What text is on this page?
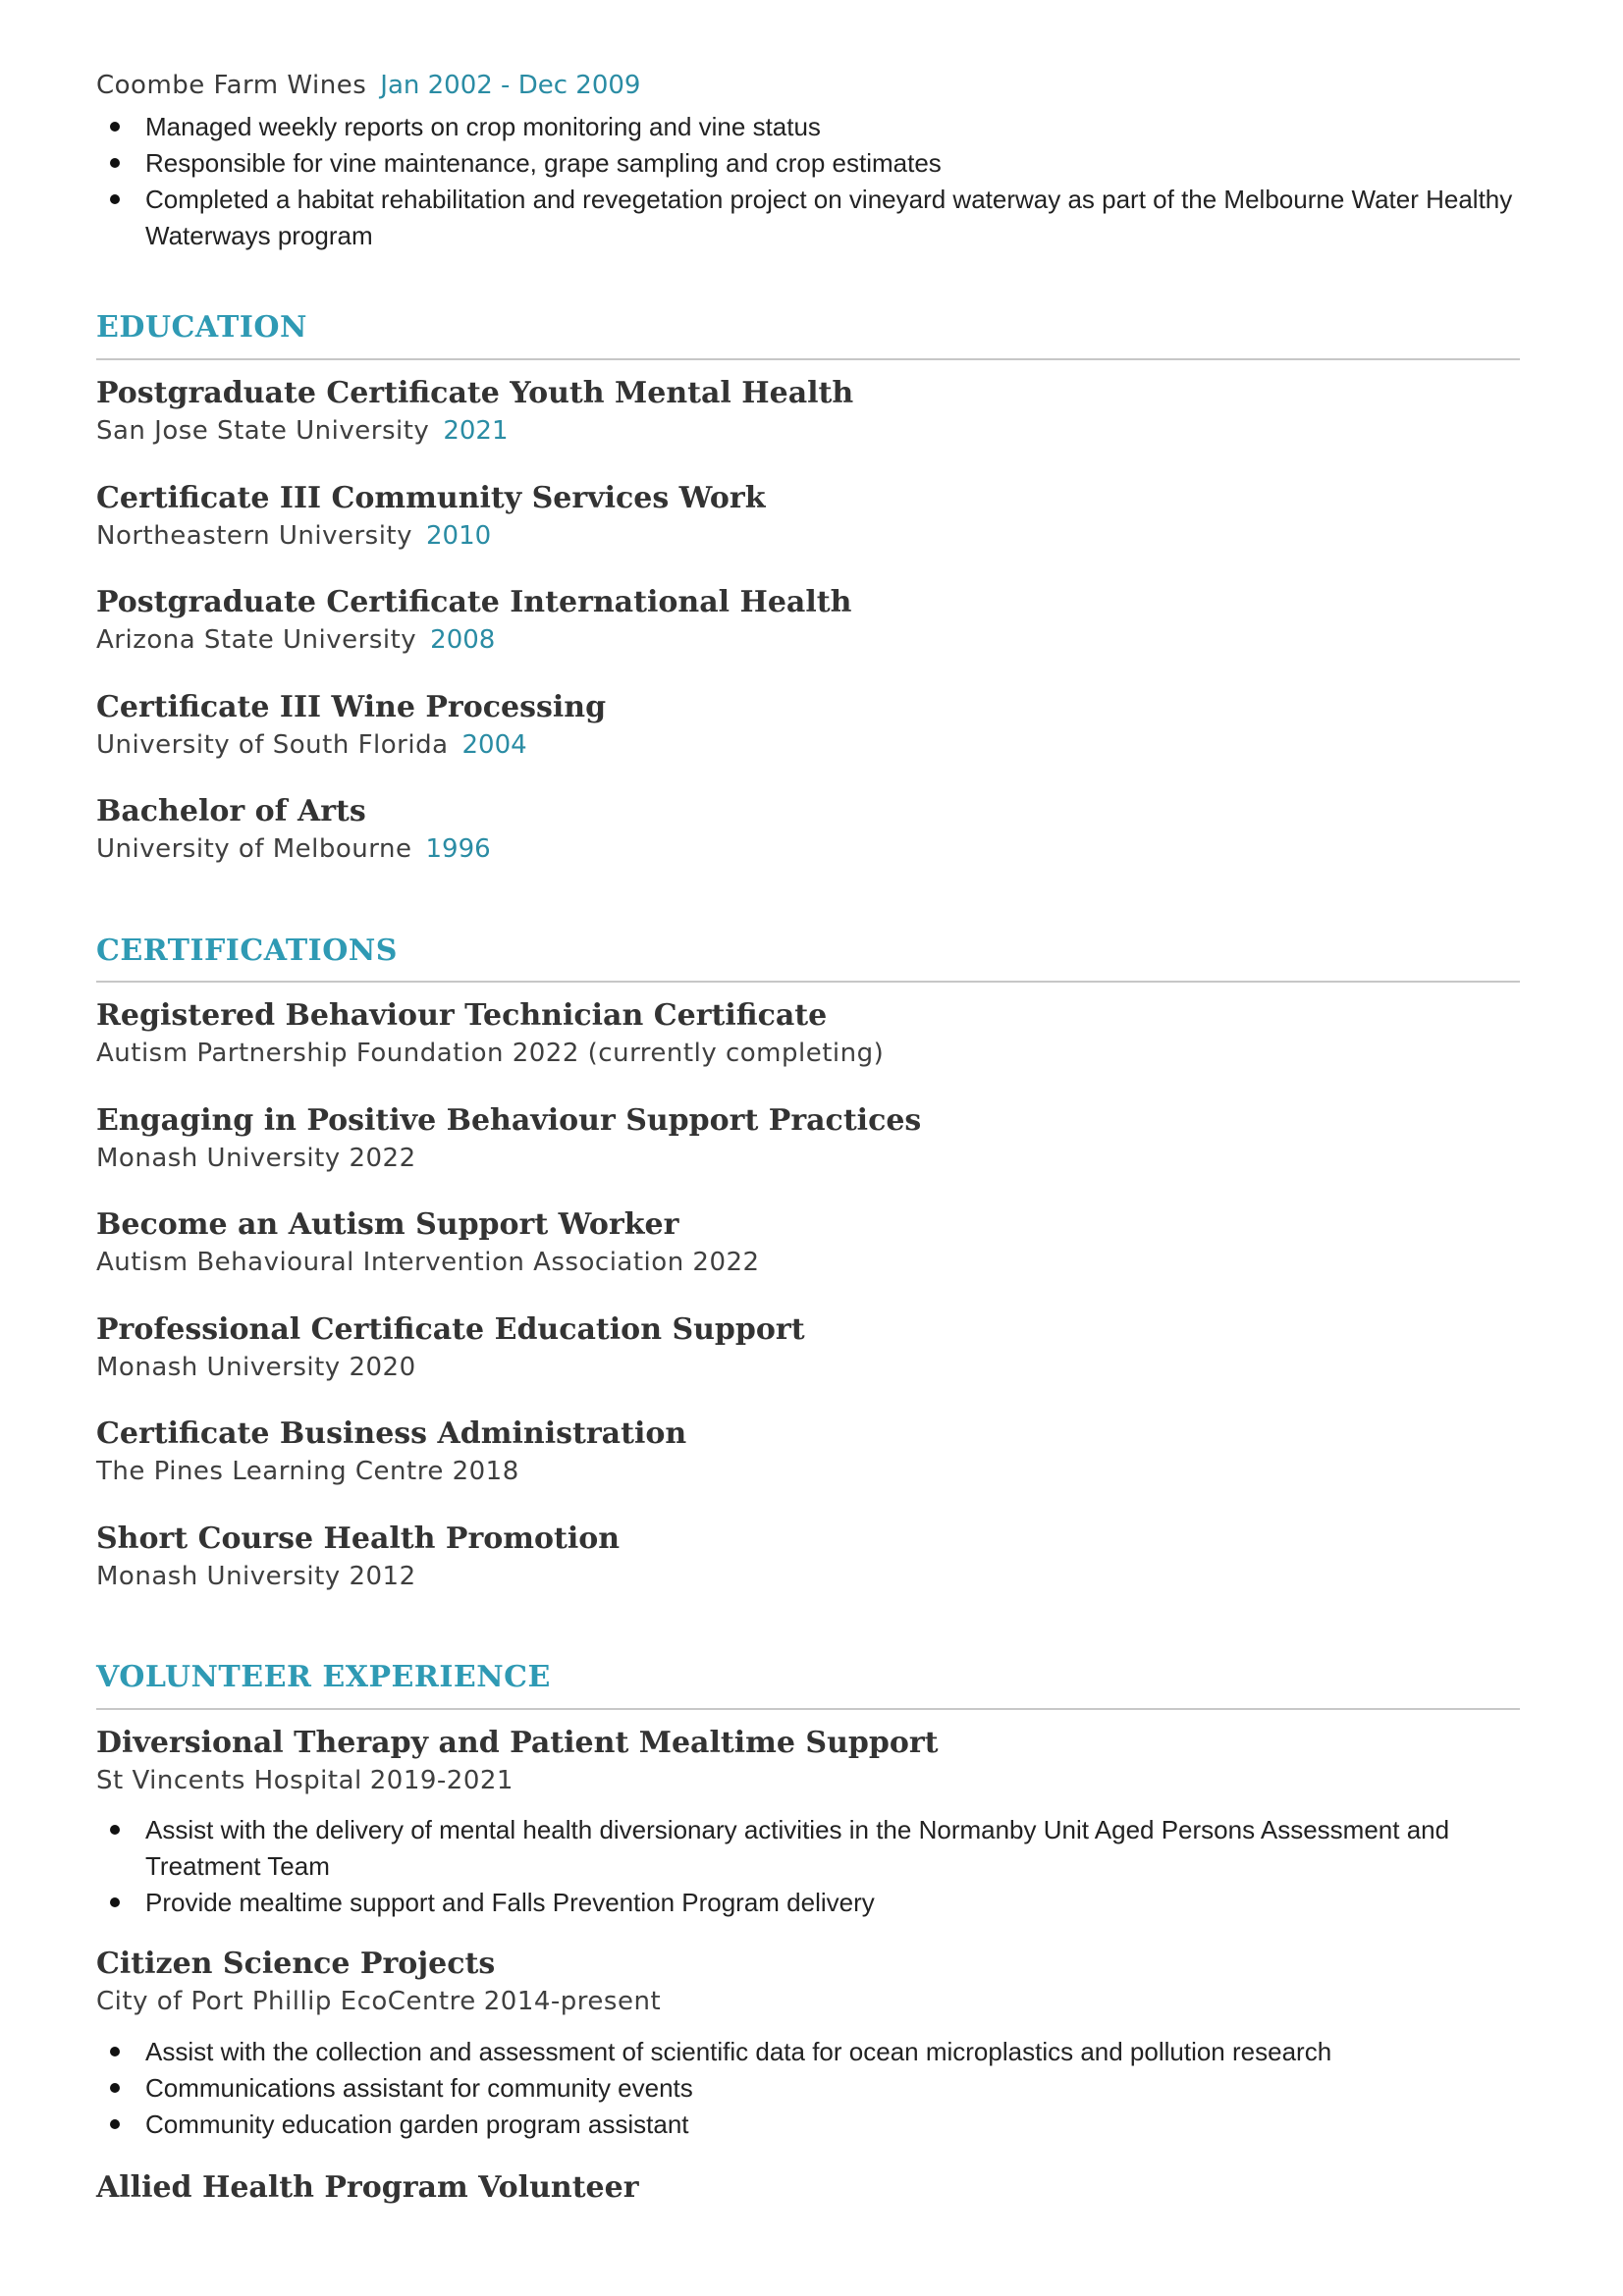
Coombe Farm Wines Jan 2002 - Dec 2009
Managed weekly reports on crop monitoring and vine status
Responsible for vine maintenance, grape sampling and crop estimates
Completed a habitat rehabilitation and revegetation project on vineyard waterway as part of the Melbourne Water Healthy Waterways program
EDUCATION
Postgraduate Certificate Youth Mental Health
San Jose State University 2021
Certificate III Community Services Work
Northeastern University 2010
Postgraduate Certificate International Health
Arizona State University 2008
Certificate III Wine Processing
University of South Florida 2004
Bachelor of Arts
University of Melbourne 1996
CERTIFICATIONS
Registered Behaviour Technician Certificate
Autism Partnership Foundation 2022 (currently completing)
Engaging in Positive Behaviour Support Practices
Monash University 2022
Become an Autism Support Worker
Autism Behavioural Intervention Association 2022
Professional Certificate Education Support
Monash University 2020
Certificate Business Administration
The Pines Learning Centre 2018
Short Course Health Promotion
Monash University 2012
VOLUNTEER EXPERIENCE
Diversional Therapy and Patient Mealtime Support
St Vincents Hospital 2019-2021
Assist with the delivery of mental health diversionary activities in the Normanby Unit Aged Persons Assessment and Treatment Team
Provide mealtime support and Falls Prevention Program delivery
Citizen Science Projects
City of Port Phillip EcoCentre 2014-present
Assist with the collection and assessment of scientific data for ocean microplastics and pollution research
Communications assistant for community events
Community education garden program assistant
Allied Health Program Volunteer
